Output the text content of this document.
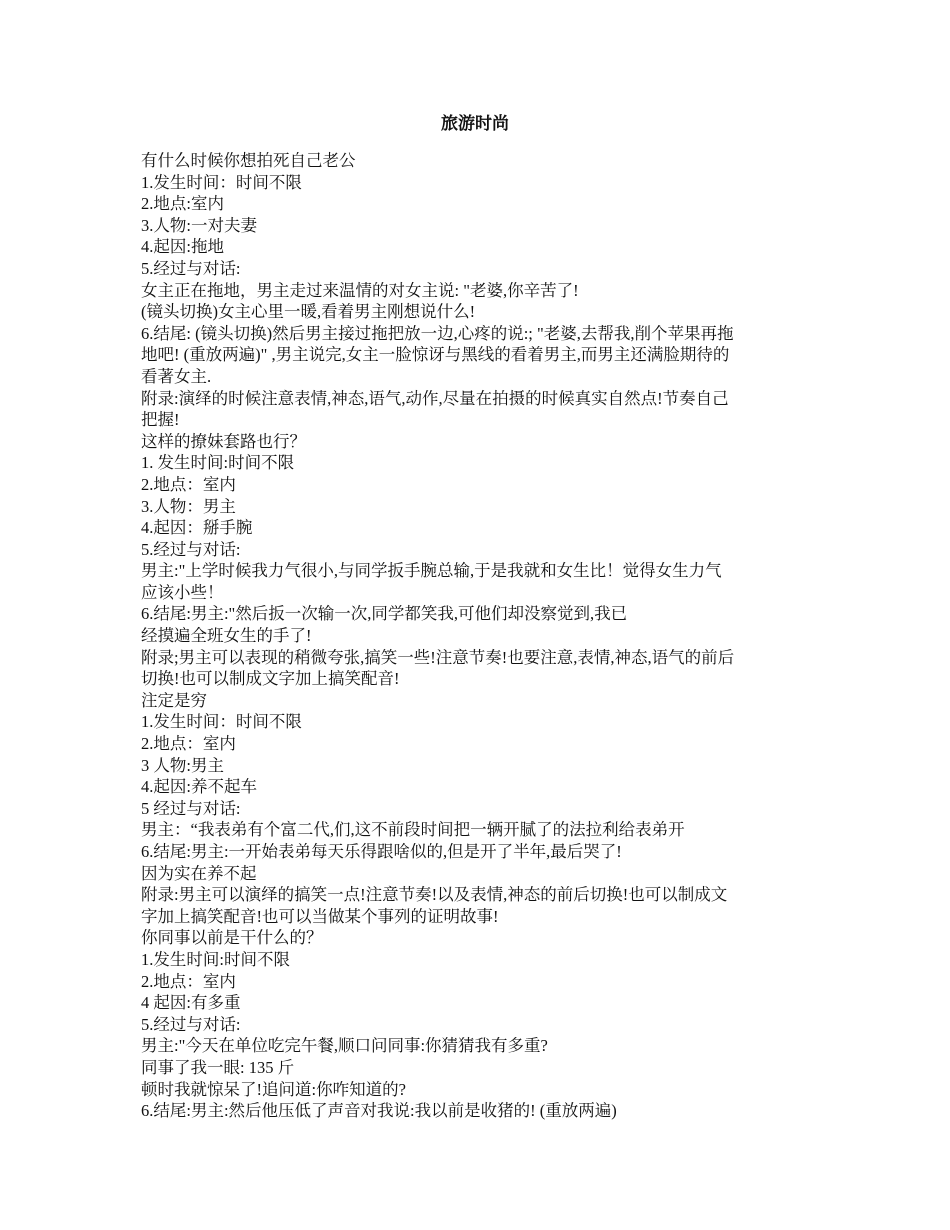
旅游时尚
有什么时候你想拍死自己老公
1.发生时间：时间不限
2.地点:室内
3.人物:一对夫妻
4.起因:拖地
5.经过与对话:
女主正在拖地，男主走过来温情的对女主说: "老婆,你辛苦了!
(镜头切换)女主心里一暖,看着男主刚想说什么!
6.结尾: (镜头切换)然后男主接过拖把放一边,心疼的说:; "老婆,去帮我,削个苹果再拖
地吧! (重放两遍)" ,男主说完,女主一脸惊讶与黑线的看着男主,而男主还满脸期待的
看著女主.
附录:演绎的时候注意表情,神态,语气,动作,尽量在拍摄的时候真实自然点!节奏自己
把握!
这样的撩妹套路也行？
1. 发生时间:时间不限
2.地点：室内
3.人物：男主
4.起因：掰手腕
5.经过与对话:
男主:"上学时候我力气很小,与同学扳手腕总输,于是我就和女生比！觉得女生力气
应该小些！
6.结尾:男主:"然后扳一次输一次,同学都笑我,可他们却没察觉到,我已
经摸遍全班女生的手了!
附录;男主可以表现的稍微夸张,搞笑一些!注意节奏!也要注意,表情,神态,语气的前后
切换!也可以制成文字加上搞笑配音!
注定是穷
1.发生时间：时间不限
2.地点：室内
3 人物:男主
4.起因:养不起车
5 经过与对话:
男主：“我表弟有个富二代,们,这不前段时间把一辆开腻了的法拉利给表弟开
6.结尾:男主:一开始表弟每天乐得跟啥似的,但是开了半年,最后哭了!
因为实在养不起
附录:男主可以演绎的搞笑一点!注意节奏!以及表情,神态的前后切换!也可以制成文
字加上搞笑配音!也可以当做某个事列的证明故事!
你同事以前是干什么的？
1.发生时间:时间不限
2.地点：室内
4 起因:有多重
5.经过与对话:
男主:"今天在单位吃完午餐,顺口问同事:你猜猜我有多重?
同事了我一眼: 135 斤
顿时我就惊呆了!追问道:你咋知道的?
6.结尾:男主:然后他压低了声音对我说:我以前是收猪的! (重放两遍)
